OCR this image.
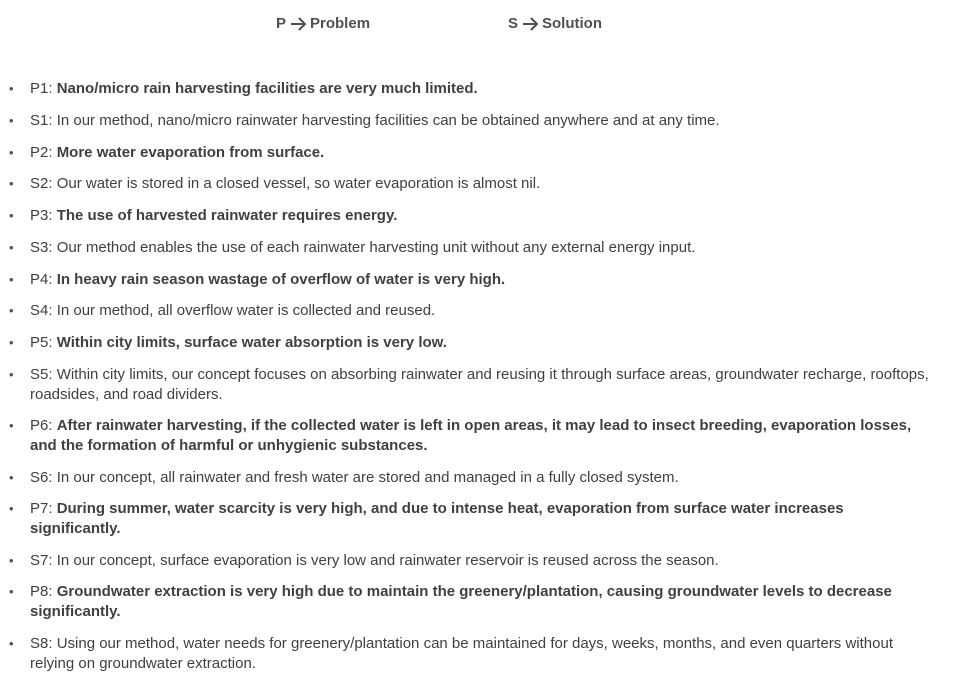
P Problem	S Solution
• P1: Nano/micro rain harvesting facilities are very much limited.
• S1: In our method, nano/micro rainwater harvesting facilities can be obtained anywhere and at any time.
• P2: More water evaporation from surface.
• S2: Our water is stored in a closed vessel, so water evaporation is almost nil.
• P3: The use of harvested rainwater requires energy.
• S3: Our method enables the use of each rainwater harvesting unit without any external energy input.
• P4: In heavy rain season wastage of overflow of water is very high.
• S4: In our method, all overflow water is collected and reused.
• P5: Within city limits, surface water absorption is very low.
• S5: Within city limits, our concept focuses on absorbing rainwater and reusing it through surface areas, groundwater recharge, rooftops, roadsides, and road dividers.
• P6: After rainwater harvesting, if the collected water is left in open areas, it may lead to insect breeding, evaporation losses, and the formation of harmful or unhygienic substances.
• S6: In our concept, all rainwater and fresh water are stored and managed in a fully closed system.
• P7: During summer, water scarcity is very high, and due to intense heat, evaporation from surface water increases significantly.
• S7: In our concept, surface evaporation is very low and rainwater reservoir is reused across the season.
• P8: Groundwater extraction is very high due to maintain the greenery/plantation, causing groundwater levels to decrease significantly.
• S8: Using our method, water needs for greenery/plantation can be maintained for days, weeks, months, and even quarters without relying on groundwater extraction.
